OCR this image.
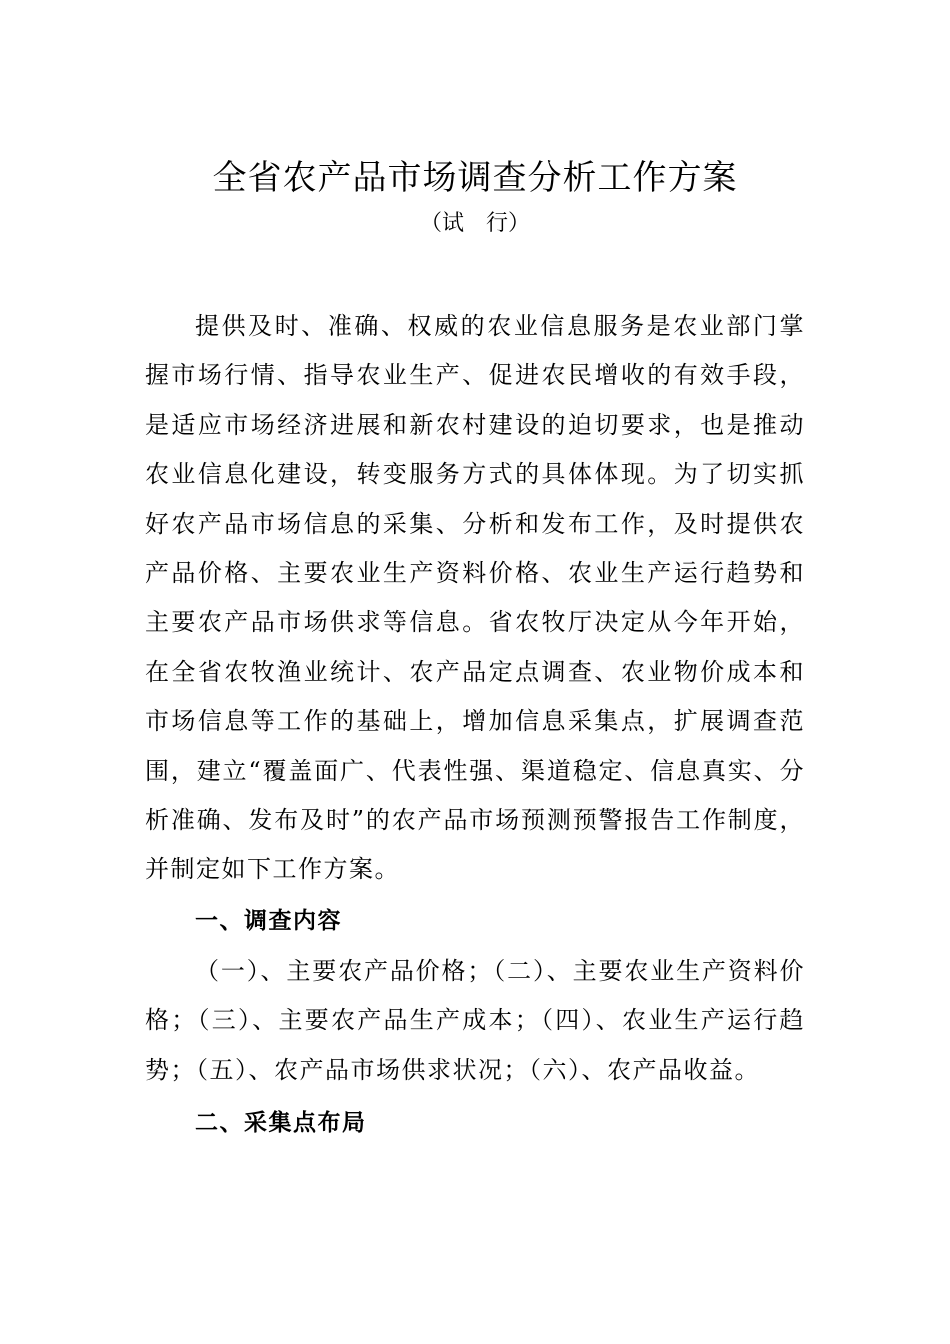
全省农产品市场调查分析工作方案
（试　行）

提供及时、准确、权威的农业信息服务是农业部门掌握市场行情、指导农业生产、促进农民增收的有效手段，是适应市场经济进展和新农村建设的迫切要求，也是推动农业信息化建设，转变服务方式的具体体现。为了切实抓好农产品市场信息的采集、分析和发布工作，及时提供农产品价格、主要农业生产资料价格、农业生产运行趋势和主要农产品市场供求等信息。省农牧厅决定从今年开始，在全省农牧渔业统计、农产品定点调查、农业物价成本和市场信息等工作的基础上，增加信息采集点，扩展调查范围，建立“覆盖面广、代表性强、渠道稳定、信息真实、分析准确、发布及时”的农产品市场预测预警报告工作制度，并制定如下工作方案。

一、调查内容

（一）、主要农产品价格；（二）、主要农业生产资料价格；（三）、主要农产品生产成本；（四）、农业生产运行趋势；（五）、农产品市场供求状况；（六）、农产品收益。

二、采集点布局
